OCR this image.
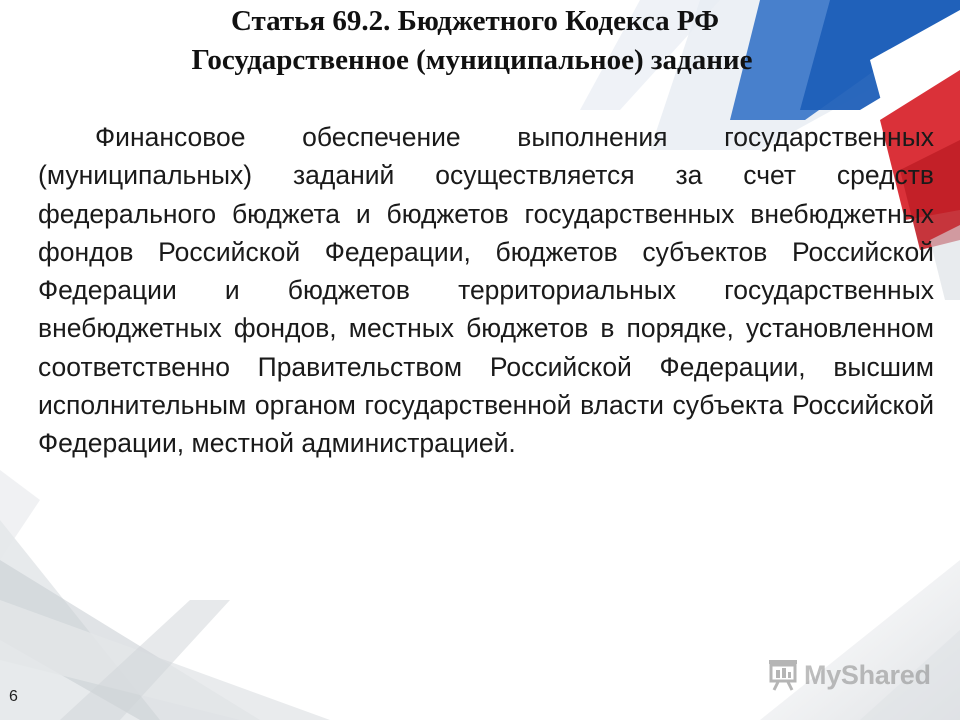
Статья 69.2. Бюджетного Кодекса РФ
Государственное (муниципальное) задание

Финансовое обеспечение выполнения государственных (муниципальных) заданий осуществляется за счет средств федерального бюджета и бюджетов государственных внебюджетных фондов Российской Федерации, бюджетов субъектов Российской Федерации и бюджетов территориальных государственных внебюджетных фондов, местных бюджетов в порядке, установленном соответственно Правительством Российской Федерации, высшим исполнительным органом государственной власти субъекта Российской Федерации, местной администрацией.

6
MyShared
